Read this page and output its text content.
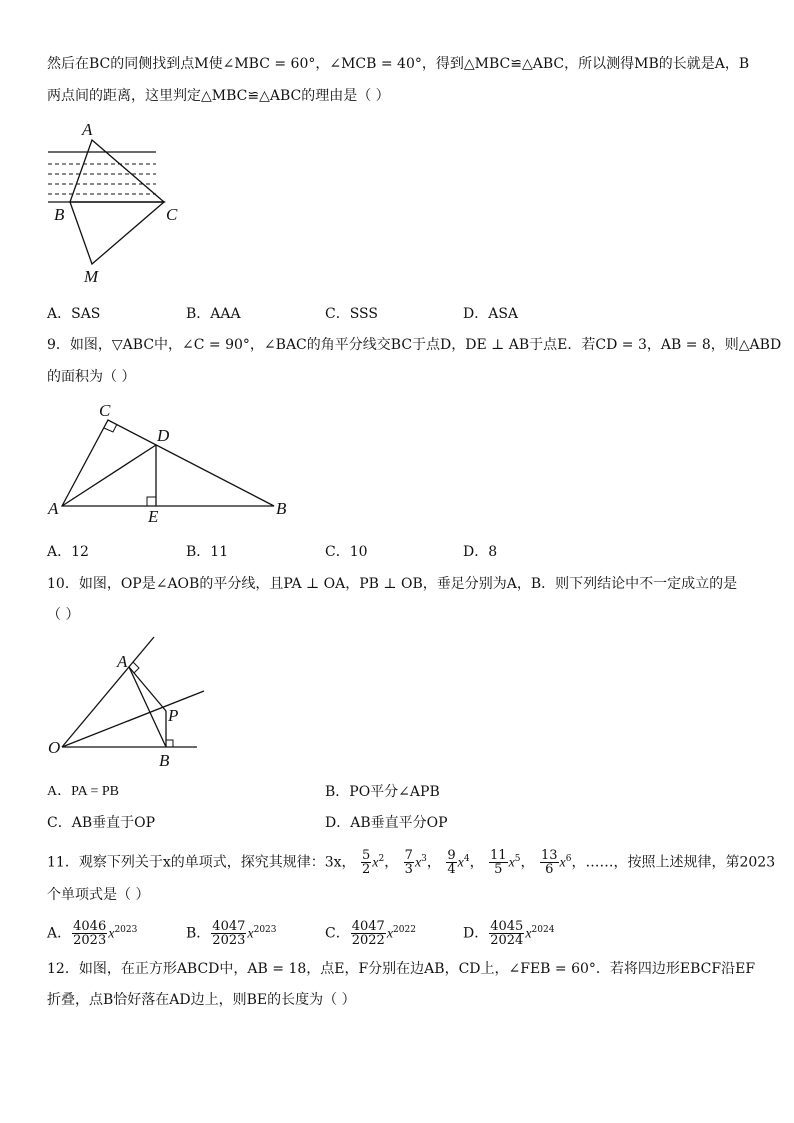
然后在BC的同侧找到点M使∠MBC = 60°，∠MCB = 40°，得到△MBC≌△ABC，所以测得MB的长就是A，B
两点间的距离，这里判定△MBC≌△ABC的理由是（ ）
A
B	C
M
A．SAS	B．AAA	C．SSS	D．ASA
9．如图，▽ABC中，∠C = 90°，∠BAC的角平分线交BC于点D，DE ⊥ AB于点E．若CD = 3，AB = 8，则△ABD
的面积为（ ）
C
D
A	E	B
A．12	B．11	C．10	D．8
10．如图，OP是∠AOB的平分线，且PA ⊥ OA，PB ⊥ OB，垂足分别为A，B．则下列结论中不一定成立的是
（ ）
A
P
O
B
A．PA = PB	B．PO平分∠APB
C．AB垂直于OP	D．AB垂直平分OP
11．观察下列关于x的单项式，探究其规律：3x， $\frac{5}{2} x^2$， $\frac{7}{3} x^3$， $\frac{9}{4} x^4$， $\frac{11}{5} x^5$， $\frac{13}{6} x^6$，……，按照上述规律，第2023
个单项式是（ ）
A． $\frac{4046}{2023} x^{2023}$	B． $\frac{4047}{2023} x^{2023}$	C． $\frac{4047}{2022} x^{2022}$	D． $\frac{4045}{2024} x^{2024}$
12．如图，在正方形ABCD中，AB = 18，点E，F分别在边AB，CD上，∠FEB = 60°．若将四边形EBCF沿EF
折叠，点B恰好落在AD边上，则BE的长度为（ ）
